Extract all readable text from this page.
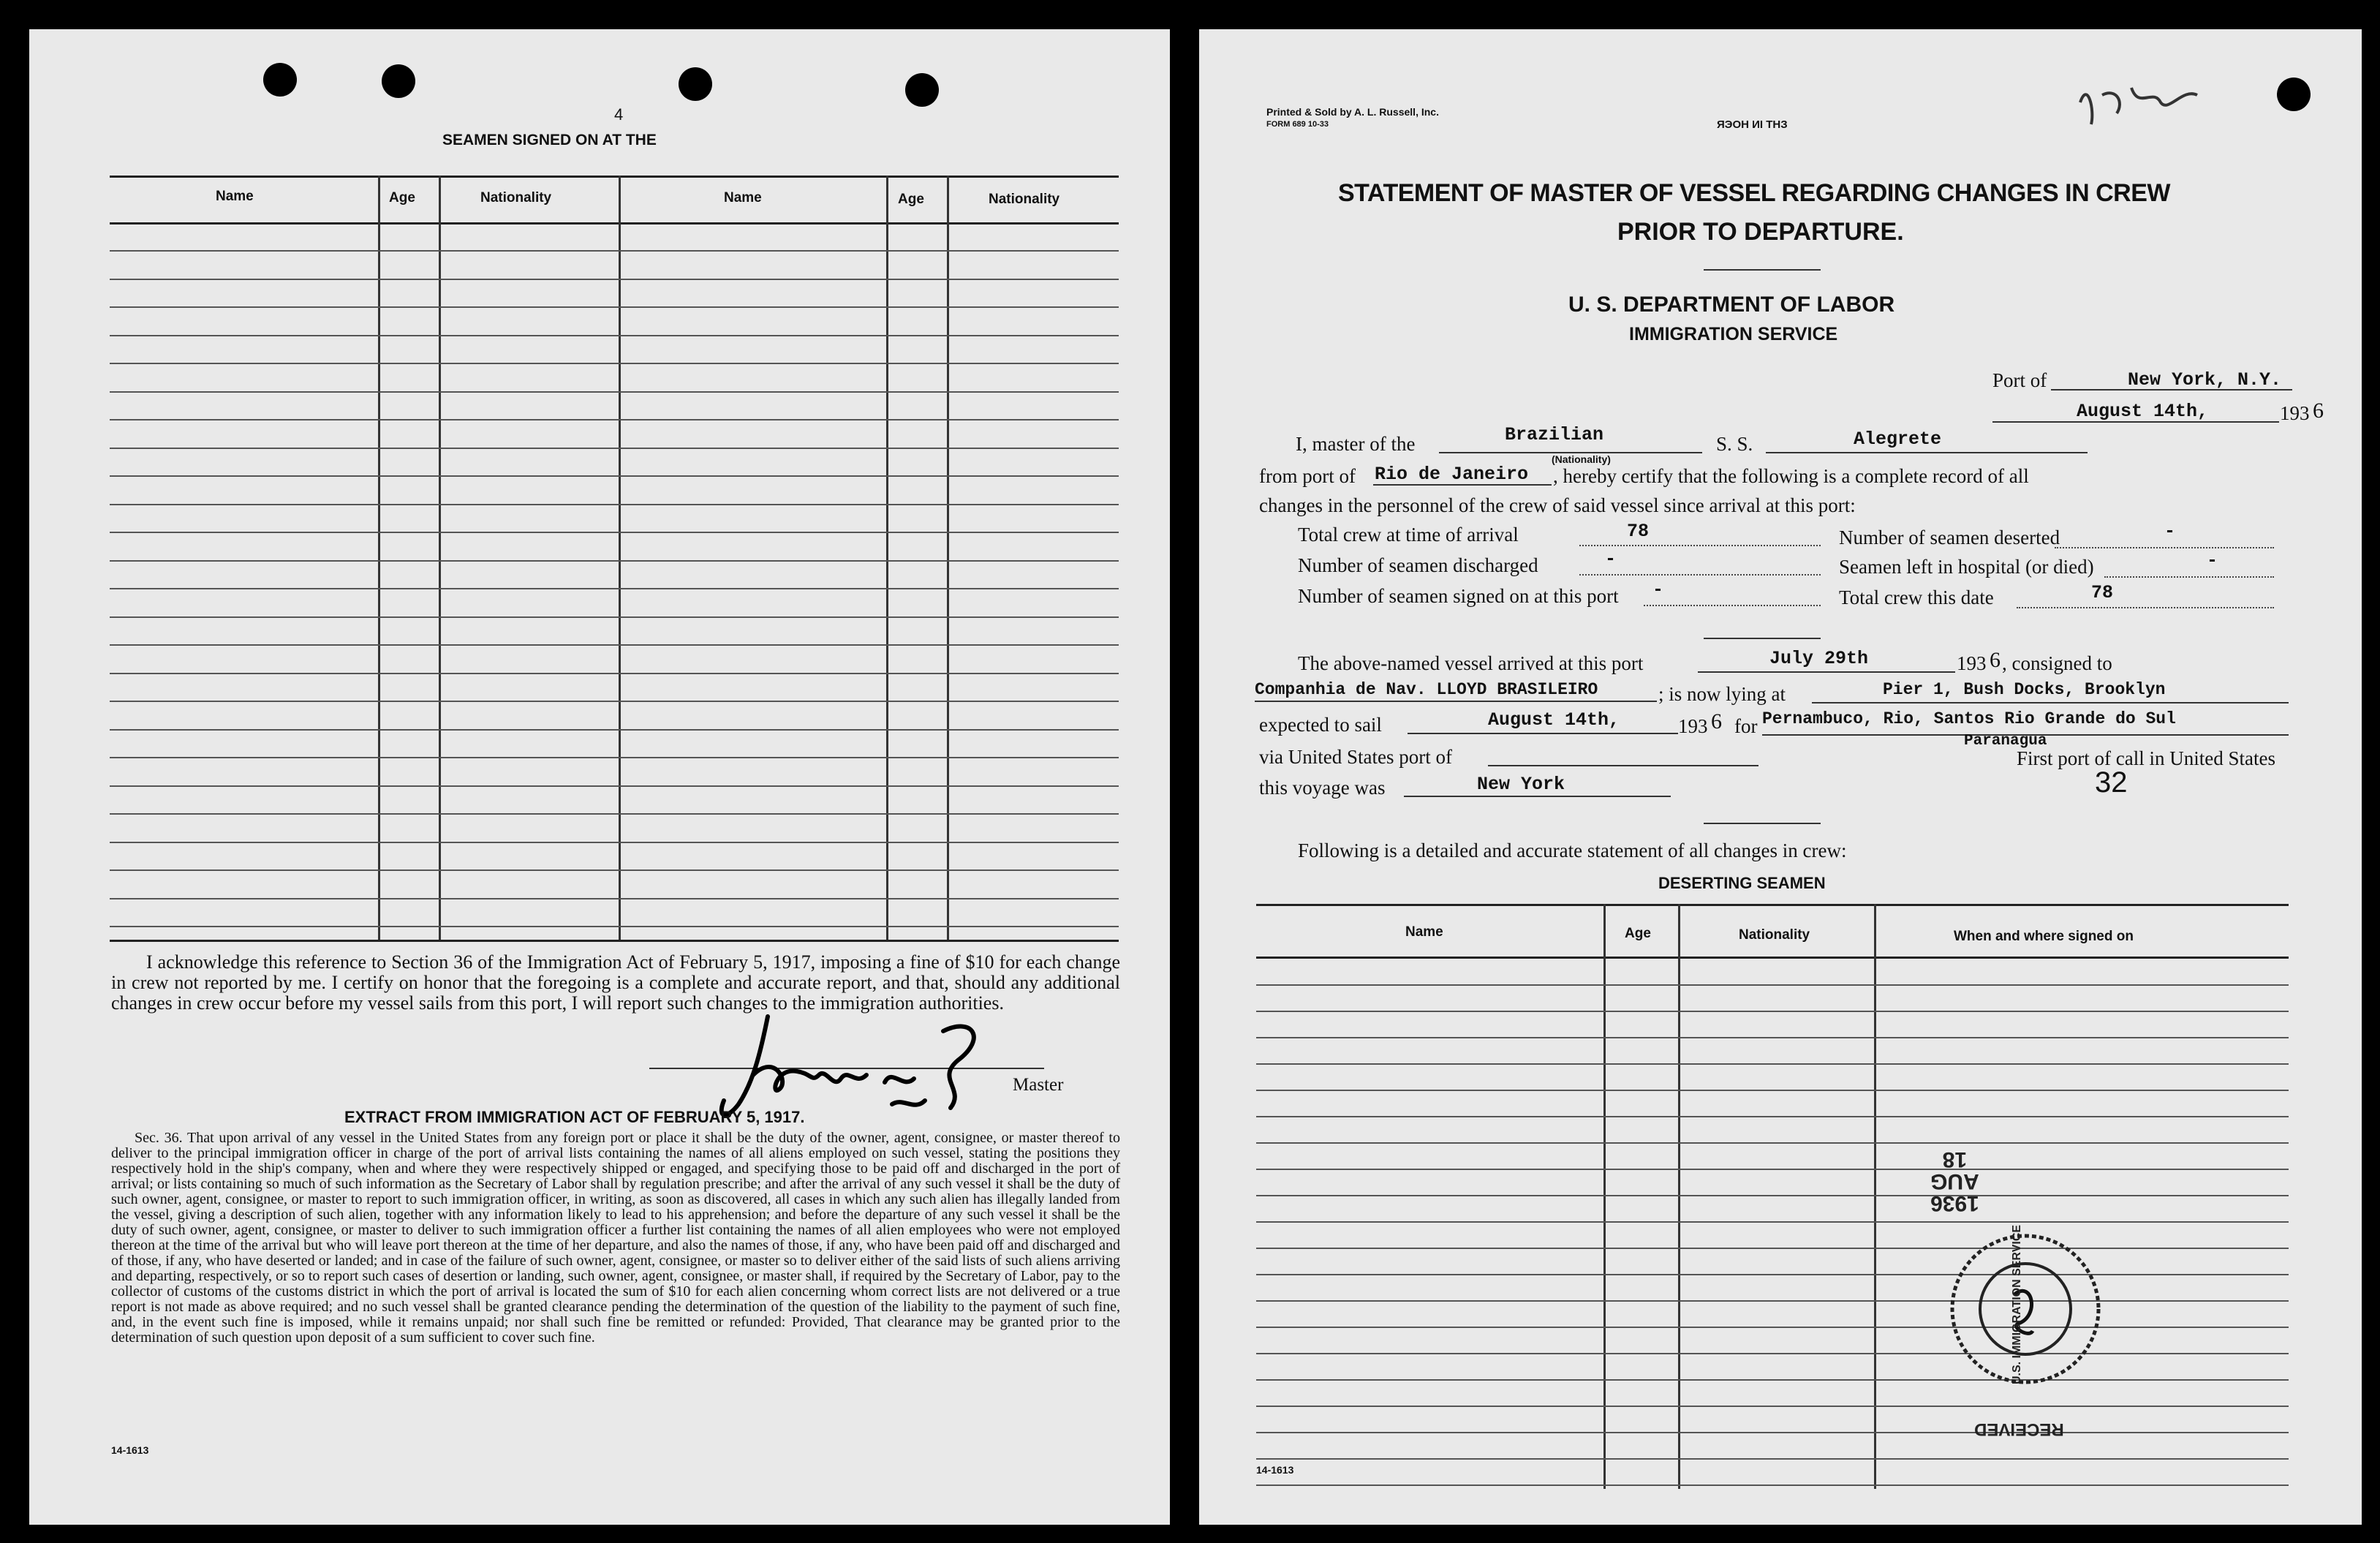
4
SEAMEN SIGNED ON AT THE
Name	Age	Nationality	Name	Age	Nationality

I acknowledge this reference to Section 36 of the Immigration Act of February 5, 1917, imposing a fine of $10 for each change in crew not reported by me. I certify on honor that the foregoing is a complete and accurate report, and that, should any additional changes in crew occur before my vessel sails from this port, I will report such changes to the immigration authorities.

Master
EXTRACT FROM IMMIGRATION ACT OF FEBRUARY 5, 1917.

Sec. 36. That upon arrival of any vessel in the United States from any foreign port or place it shall be the duty of the owner, agent, consignee, or master thereof to deliver to the principal immigration officer in charge of the port of arrival lists containing the names of all aliens employed on such vessel, stating the positions they respectively hold in the ship's company, when and where they were respectively shipped or engaged, and specifying those to be paid off and discharged in the port of arrival; or lists containing so much of such information as the Secretary of Labor shall by regulation prescribe; and after the arrival of any such vessel it shall be the duty of such owner, agent, consignee, or master to report to such immigration officer, in writing, as soon as discovered, all cases in which any such alien has illegally landed from the vessel, giving a description of such alien, together with any information likely to lead to his apprehension; and before the departure of any such vessel it shall be the duty of such owner, agent, consignee, or master to deliver to such immigration officer a further list containing the names of all alien employees who were not employed thereon at the time of the arrival but who will leave port thereon at the time of her departure, and also the names of those, if any, who have been paid off and discharged and of those, if any, who have deserted or landed; and in case of the failure of such owner, agent, consignee, or master so to deliver either of the said lists of such aliens arriving and departing, respectively, or so to report such cases of desertion or landing, such owner, agent, consignee, or master shall, if required by the Secretary of Labor, pay to the collector of customs of the customs district in which the port of arrival is located the sum of $10 for each alien concerning whom correct lists are not delivered or a true report is not made as above required; and no such vessel shall be granted clearance pending the determination of the question of the liability to the payment of such fine, and, in the event such fine is imposed, while it remains unpaid; nor shall such fine be remitted or refunded: Provided, That clearance may be granted prior to the determination of such question upon deposit of a sum sufficient to cover such fine.

14-1613
Printed & Sold by A. L. Russell, Inc.
FORM 689 10-33	ЯЭОН ИІ ТНЗ
STATEMENT OF MASTER OF VESSEL REGARDING CHANGES IN CREW
PRIOR TO DEPARTURE.
U. S. DEPARTMENT OF LABOR
IMMIGRATION SERVICE
Port of	New York, N.Y.
August 14th,	193 6
I, master of the	Brazilian
(Nationality)
S. S.	Alegrete
from port of Rio de Janeiro , hereby certify that the following is a complete record of all
changes in the personnel of the crew of said vessel since arrival at this port:
Total crew at time of arrival	78	Number of seamen deserted	-
Number of seamen discharged	-	Seamen left in hospital (or died)	-
Number of seamen signed on at this port -	Total crew this date	78
The above-named vessel arrived at this port	July 29th	193 6 , consigned to
Companhia de Nav. LLOYD BRASILEIRO	; is now lying at	Pier 1, Bush Docks, Brooklyn
expected to sail	August 14th,	193 6 for Pernambuco, Rio, Santos Rio Grande do Sul
Paranagua
via United States port of	First port of call in United States
this voyage was	New York	32
Following is a detailed and accurate statement of all changes in crew:
DESERTING SEAMEN
Name	Age	Nationality	When and where signed on
1936
AUG
18
U.S. IMMIGRATION SERVICE
RECEIVED
14-1613
